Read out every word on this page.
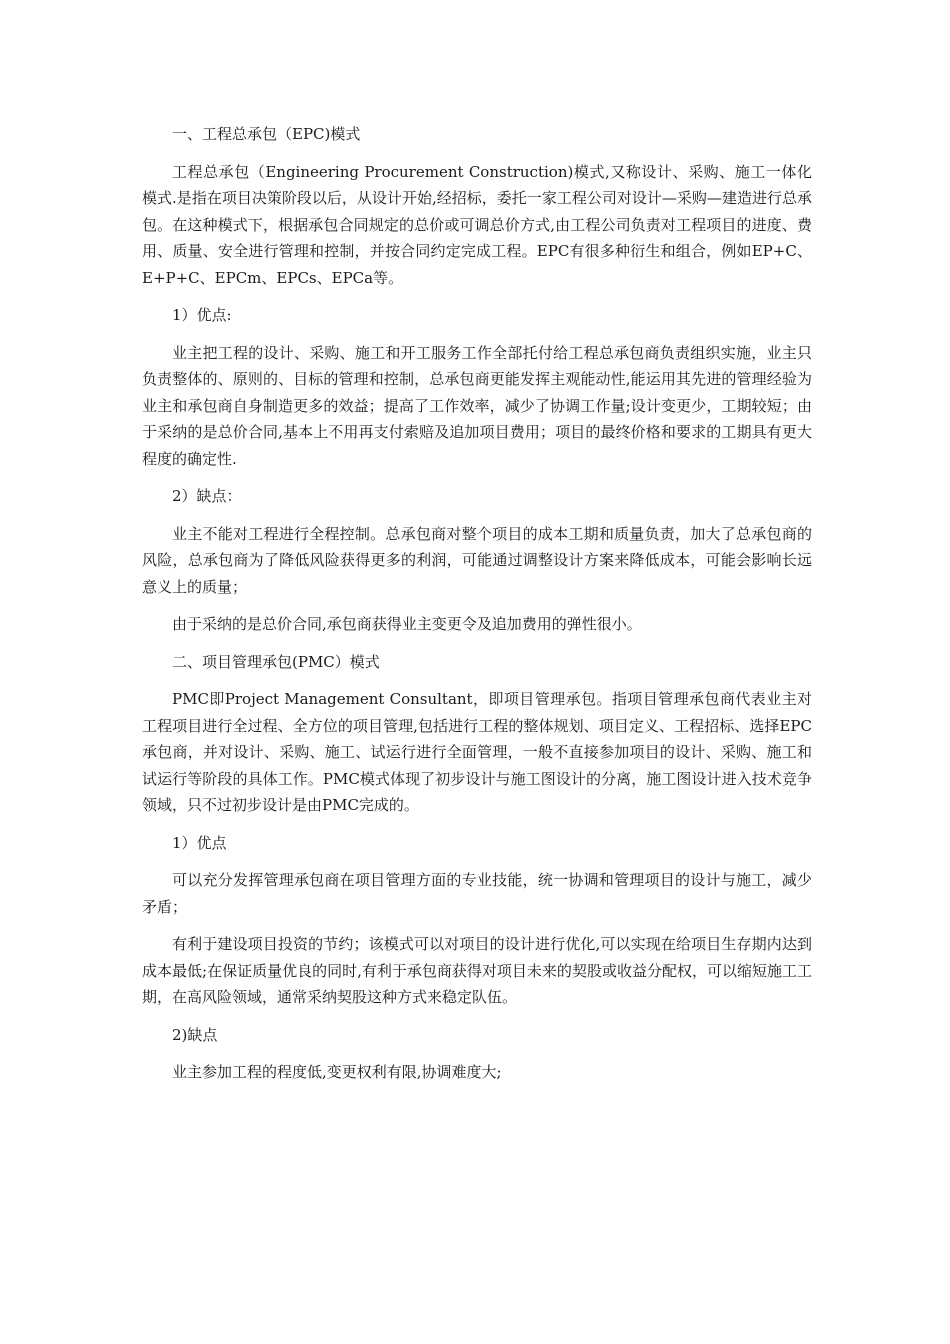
一、工程总承包（EPC)模式

工程总承包（Engineering Procurement Construction)模式,又称设计、采购、施工一体化模式.是指在项目决策阶段以后，从设计开始,经招标，委托一家工程公司对设计—采购—建造进行总承包。在这种模式下，根据承包合同规定的总价或可调总价方式,由工程公司负责对工程项目的进度、费用、质量、安全进行管理和控制，并按合同约定完成工程。EPC有很多种衍生和组合，例如EP+C、E+P+C、EPCm、EPCs、EPCa等。

1）优点:

业主把工程的设计、采购、施工和开工服务工作全部托付给工程总承包商负责组织实施，业主只负责整体的、原则的、目标的管理和控制，总承包商更能发挥主观能动性,能运用其先进的管理经验为业主和承包商自身制造更多的效益；提高了工作效率，减少了协调工作量;设计变更少，工期较短；由于采纳的是总价合同,基本上不用再支付索赔及追加项目费用；项目的最终价格和要求的工期具有更大程度的确定性.

2）缺点：

业主不能对工程进行全程控制。总承包商对整个项目的成本工期和质量负责，加大了总承包商的风险，总承包商为了降低风险获得更多的利润，可能通过调整设计方案来降低成本，可能会影响长远意义上的质量；

由于采纳的是总价合同,承包商获得业主变更令及追加费用的弹性很小。

二、项目管理承包(PMC）模式

PMC即Project Management Consultant，即项目管理承包。指项目管理承包商代表业主对工程项目进行全过程、全方位的项目管理,包括进行工程的整体规划、项目定义、工程招标、选择EPC承包商，并对设计、采购、施工、试运行进行全面管理，一般不直接参加项目的设计、采购、施工和试运行等阶段的具体工作。PMC模式体现了初步设计与施工图设计的分离，施工图设计进入技术竞争领域，只不过初步设计是由PMC完成的。

1）优点

可以充分发挥管理承包商在项目管理方面的专业技能，统一协调和管理项目的设计与施工，减少矛盾；

有利于建设项目投资的节约；该模式可以对项目的设计进行优化,可以实现在给项目生存期内达到成本最低;在保证质量优良的同时,有利于承包商获得对项目未来的契股或收益分配权，可以缩短施工工期，在高风险领域，通常采纳契股这种方式来稳定队伍。

2)缺点

业主参加工程的程度低,变更权利有限,协调难度大;
